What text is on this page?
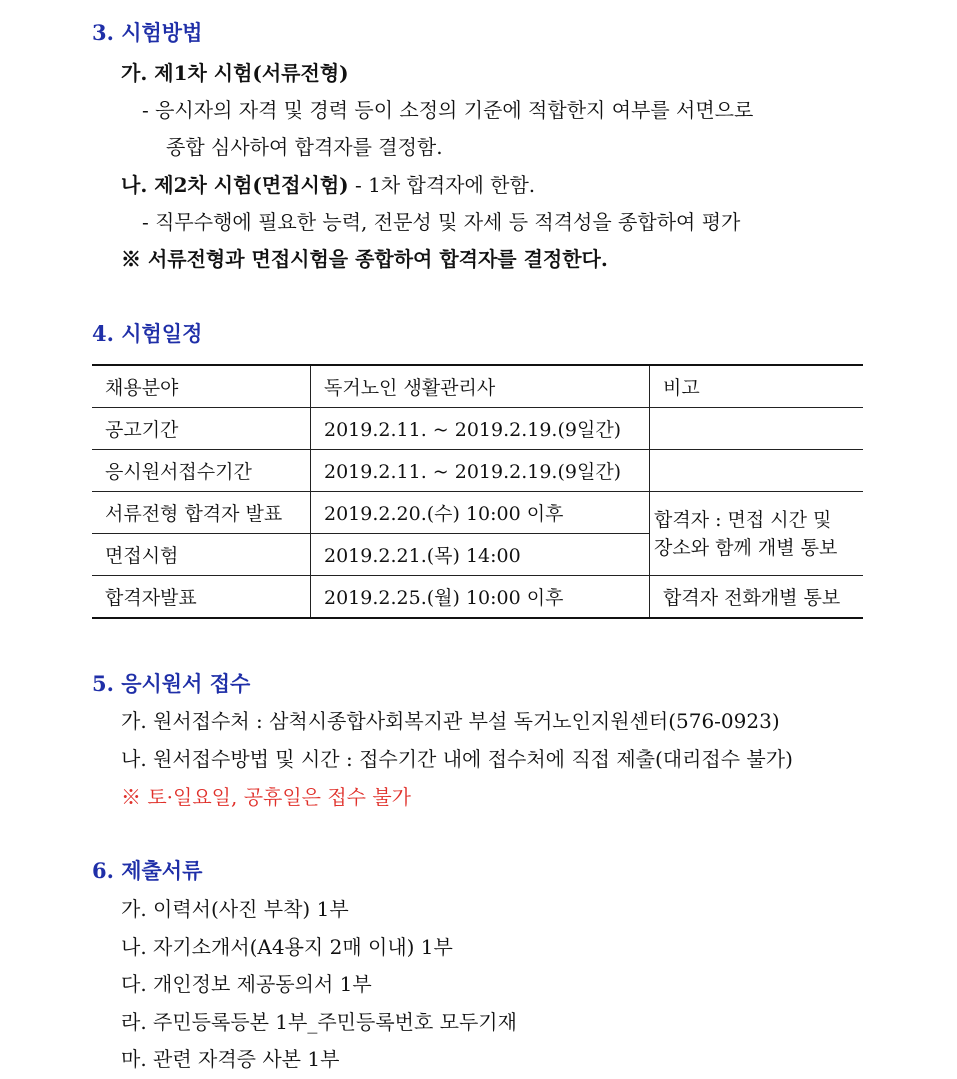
3. 시험방법
가. 제1차 시험(서류전형)
- 응시자의 자격 및 경력 등이 소정의 기준에 적합한지 여부를 서면으로
종합 심사하여 합격자를 결정함.
나. 제2차 시험(면접시험) - 1차 합격자에 한함.
- 직무수행에 필요한 능력, 전문성 및 자세 등 적격성을 종합하여 평가
※ 서류전형과 면접시험을 종합하여 합격자를 결정한다.
4. 시험일정
채용분야	독거노인 생활관리사	비고
공고기간	2019.2.11. ~ 2019.2.19.(9일간)	
응시원서접수기간	2019.2.11. ~ 2019.2.19.(9일간)	
서류전형 합격자 발표	2019.2.20.(수) 10:00 이후	합격자 : 면접 시간 및
장소와 함께 개별 통보
면접시험	2019.2.21.(목) 14:00	
합격자발표	2019.2.25.(월) 10:00 이후	합격자 전화개별 통보
5. 응시원서 접수
가. 원서접수처 : 삼척시종합사회복지관 부설 독거노인지원센터(576-0923)
나. 원서접수방법 및 시간 : 접수기간 내에 접수처에 직접 제출(대리접수 불가)
※ 토·일요일, 공휴일은 접수 불가
6. 제출서류
가. 이력서(사진 부착) 1부
나. 자기소개서(A4용지 2매 이내) 1부
다. 개인정보 제공동의서 1부
라. 주민등록등본 1부_주민등록번호 모두기재
마. 관련 자격증 사본 1부
